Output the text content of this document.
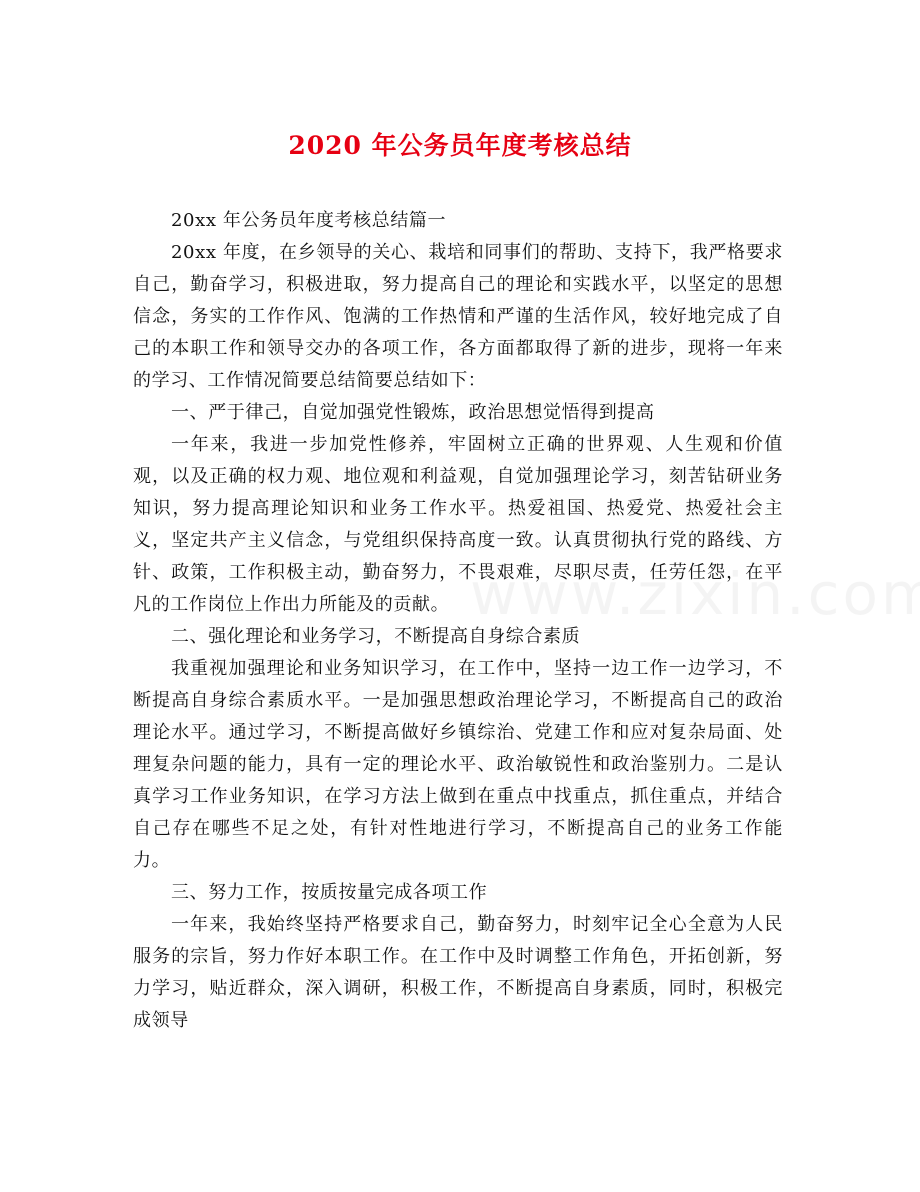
2020 年公务员年度考核总结

20xx 年公务员年度考核总结篇一

20xx 年度，在乡领导的关心、栽培和同事们的帮助、支持下，我严格要求自己，勤奋学习，积极进取，努力提高自己的理论和实践水平，以坚定的思想信念，务实的工作作风、饱满的工作热情和严谨的生活作风，较好地完成了自己的本职工作和领导交办的各项工作，各方面都取得了新的进步，现将一年来的学习、工作情况简要总结简要总结如下：

一、严于律己，自觉加强党性锻炼，政治思想觉悟得到提高

一年来，我进一步加党性修养，牢固树立正确的世界观、人生观和价值观，以及正确的权力观、地位观和利益观，自觉加强理论学习，刻苦钻研业务知识，努力提高理论知识和业务工作水平。热爱祖国、热爱党、热爱社会主义，坚定共产主义信念，与党组织保持高度一致。认真贯彻执行党的路线、方针、政策，工作积极主动，勤奋努力，不畏艰难，尽职尽责，任劳任怨，在平凡的工作岗位上作出力所能及的贡献。

二、强化理论和业务学习，不断提高自身综合素质

我重视加强理论和业务知识学习，在工作中，坚持一边工作一边学习，不断提高自身综合素质水平。一是加强思想政治理论学习，不断提高自己的政治理论水平。通过学习，不断提高做好乡镇综治、党建工作和应对复杂局面、处理复杂问题的能力，具有一定的理论水平、政治敏锐性和政治鉴别力。二是认真学习工作业务知识，在学习方法上做到在重点中找重点，抓住重点，并结合自己存在哪些不足之处，有针对性地进行学习，不断提高自己的业务工作能力。

三、努力工作，按质按量完成各项工作

一年来，我始终坚持严格要求自己，勤奋努力，时刻牢记全心全意为人民服务的宗旨，努力作好本职工作。在工作中及时调整工作角色，开拓创新，努力学习，贴近群众，深入调研，积极工作，不断提高自身素质，同时，积极完成领导
